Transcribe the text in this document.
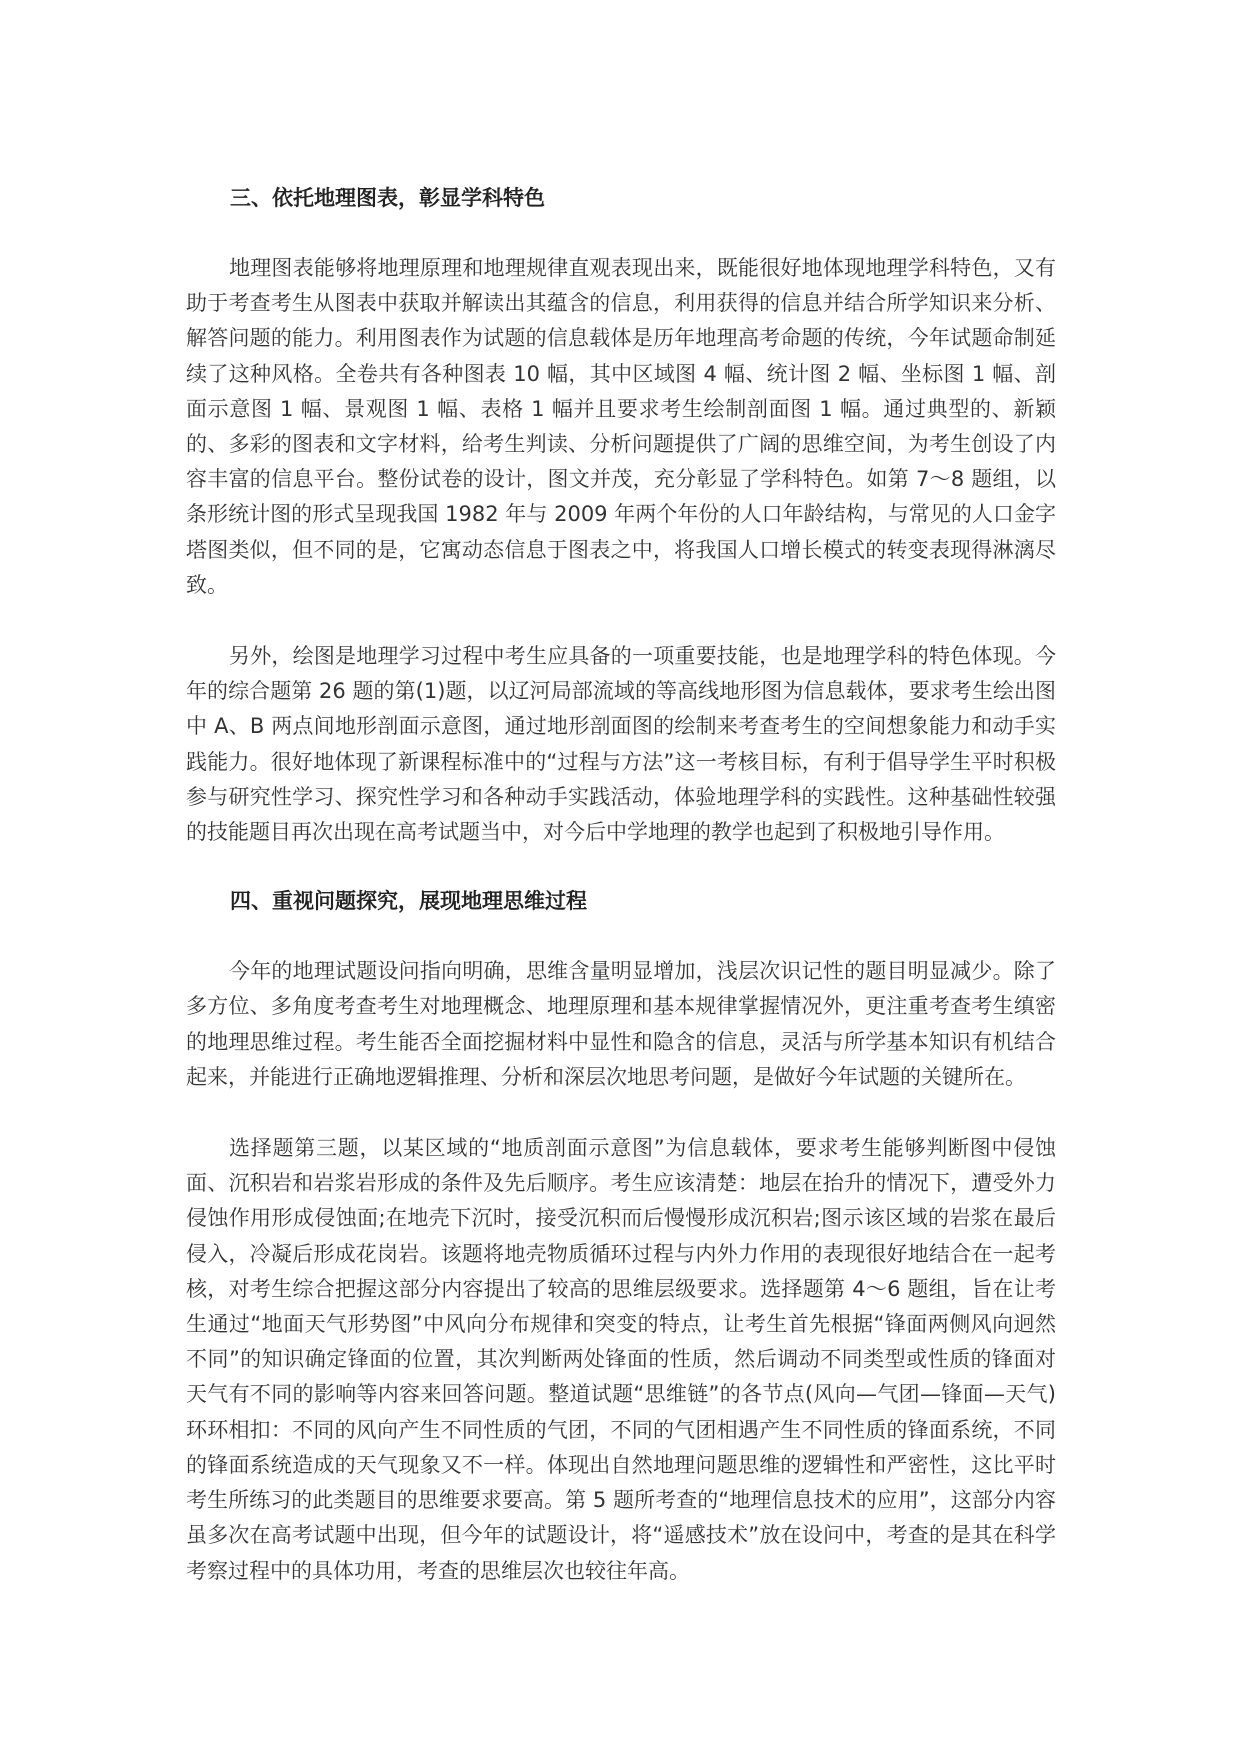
三、依托地理图表，彰显学科特色

地理图表能够将地理原理和地理规律直观表现出来，既能很好地体现地理学科特色，又有助于考查考生从图表中获取并解读出其蕴含的信息，利用获得的信息并结合所学知识来分析、解答问题的能力。利用图表作为试题的信息载体是历年地理高考命题的传统，今年试题命制延续了这种风格。全卷共有各种图表 10 幅，其中区域图 4 幅、统计图 2 幅、坐标图 1 幅、剖面示意图 1 幅、景观图 1 幅、表格 1 幅并且要求考生绘制剖面图 1 幅。通过典型的、新颖的、多彩的图表和文字材料，给考生判读、分析问题提供了广阔的思维空间，为考生创设了内容丰富的信息平台。整份试卷的设计，图文并茂，充分彰显了学科特色。如第 7～8 题组，以条形统计图的形式呈现我国 1982 年与 2009 年两个年份的人口年龄结构，与常见的人口金字塔图类似，但不同的是，它寓动态信息于图表之中，将我国人口增长模式的转变表现得淋漓尽致。

另外，绘图是地理学习过程中考生应具备的一项重要技能，也是地理学科的特色体现。今年的综合题第 26 题的第(1)题，以辽河局部流域的等高线地形图为信息载体，要求考生绘出图中 A、B 两点间地形剖面示意图，通过地形剖面图的绘制来考查考生的空间想象能力和动手实践能力。很好地体现了新课程标准中的“过程与方法”这一考核目标，有利于倡导学生平时积极参与研究性学习、探究性学习和各种动手实践活动，体验地理学科的实践性。这种基础性较强的技能题目再次出现在高考试题当中，对今后中学地理的教学也起到了积极地引导作用。

四、重视问题探究，展现地理思维过程

今年的地理试题设问指向明确，思维含量明显增加，浅层次识记性的题目明显减少。除了多方位、多角度考查考生对地理概念、地理原理和基本规律掌握情况外，更注重考查考生缜密的地理思维过程。考生能否全面挖掘材料中显性和隐含的信息，灵活与所学基本知识有机结合起来，并能进行正确地逻辑推理、分析和深层次地思考问题，是做好今年试题的关键所在。

选择题第三题，以某区域的“地质剖面示意图”为信息载体，要求考生能够判断图中侵蚀面、沉积岩和岩浆岩形成的条件及先后顺序。考生应该清楚：地层在抬升的情况下，遭受外力侵蚀作用形成侵蚀面;在地壳下沉时，接受沉积而后慢慢形成沉积岩;图示该区域的岩浆在最后侵入，冷凝后形成花岗岩。该题将地壳物质循环过程与内外力作用的表现很好地结合在一起考核，对考生综合把握这部分内容提出了较高的思维层级要求。选择题第 4～6 题组，旨在让考生通过“地面天气形势图”中风向分布规律和突变的特点，让考生首先根据“锋面两侧风向迥然不同”的知识确定锋面的位置，其次判断两处锋面的性质，然后调动不同类型或性质的锋面对天气有不同的影响等内容来回答问题。整道试题“思维链”的各节点(风向—气团—锋面—天气)环环相扣：不同的风向产生不同性质的气团，不同的气团相遇产生不同性质的锋面系统，不同的锋面系统造成的天气现象又不一样。体现出自然地理问题思维的逻辑性和严密性，这比平时考生所练习的此类题目的思维要求要高。第 5 题所考查的“地理信息技术的应用”，这部分内容虽多次在高考试题中出现，但今年的试题设计，将“遥感技术”放在设问中，考查的是其在科学考察过程中的具体功用，考查的思维层次也较往年高。
